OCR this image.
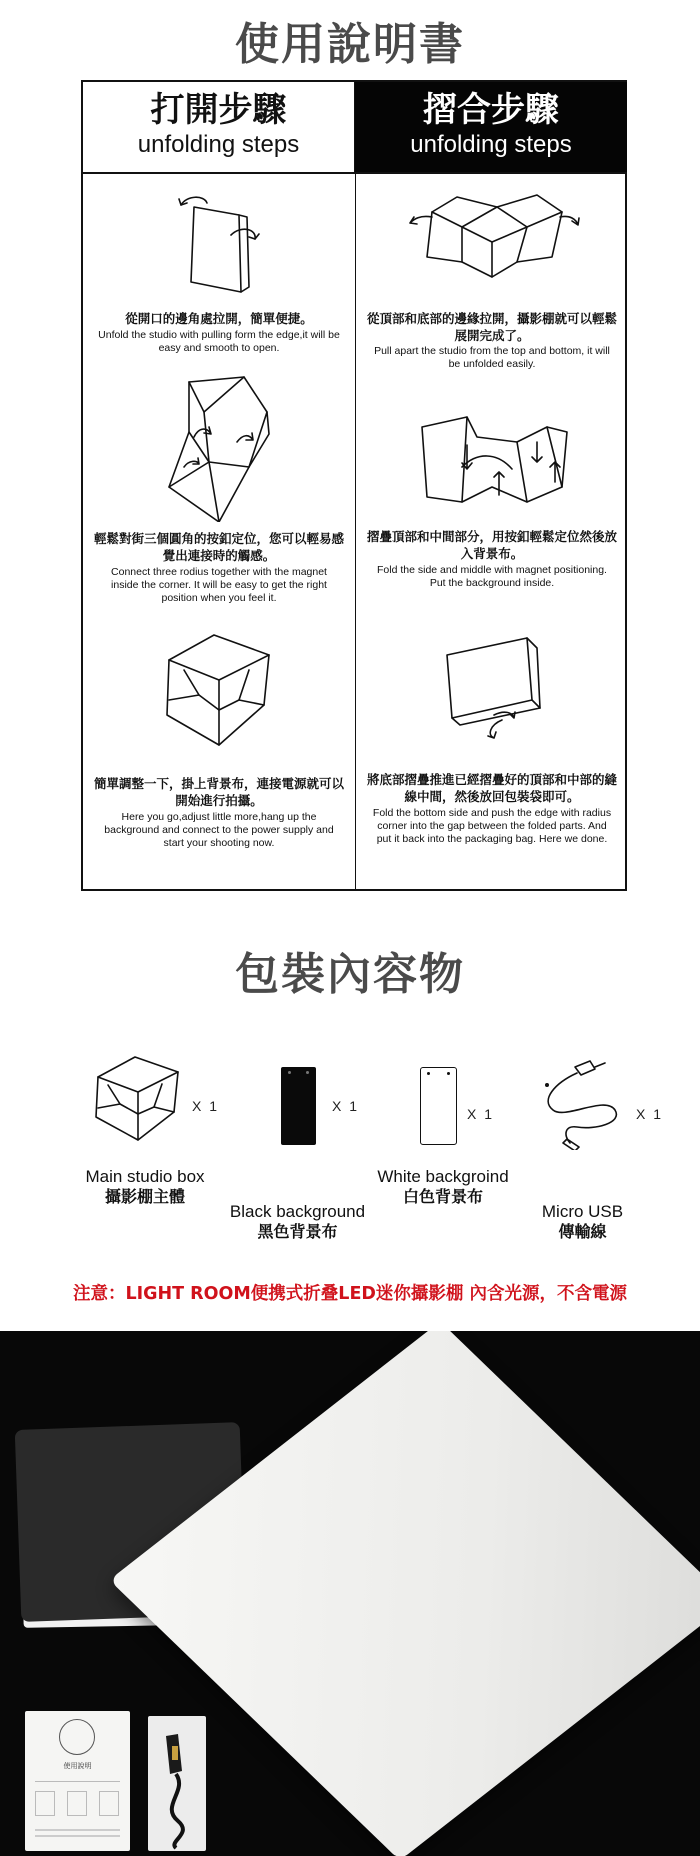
使用說明書
打開步驟
unfolding steps
摺合步驟
unfolding steps
從開口的邊角處拉開，簡單便捷。
Unfold the studio with pulling form the edge,it will be easy and smooth to open.
輕鬆對街三個圓角的按釦定位，您可以輕易感覺出連接時的觸感。
Connect three rodius together with the magnet inside the corner. It will be easy to get the right position when you feel it.
簡單調整一下，掛上背景布，連接電源就可以開始進行拍攝。
Here you go,adjust little more,hang up the background and connect to the power supply and start your shooting now.
從頂部和底部的邊緣拉開，攝影棚就可以輕鬆展開完成了。
Pull apart the studio from the top and bottom, it will be unfolded easily.
摺疊頂部和中間部分，用按釦輕鬆定位然後放入背景布。
Fold the side and middle with magnet positioning. Put the background inside.
將底部摺疊推進已經摺疊好的頂部和中部的縫線中間，然後放回包裝袋即可。
Fold the bottom side and push the edge with radius corner into the gap between the folded parts. And put it back into the packaging bag. Here we done.
包裝內容物
X 1
Main studio box
攝影棚主體
X 1
Black background
黑色背景布
X 1
White backgroind
白色背景布
X 1
Micro USB
傳輸線
注意：LIGHT ROOM便携式折叠LED迷你攝影棚 內含光源，不含電源
使用說明
